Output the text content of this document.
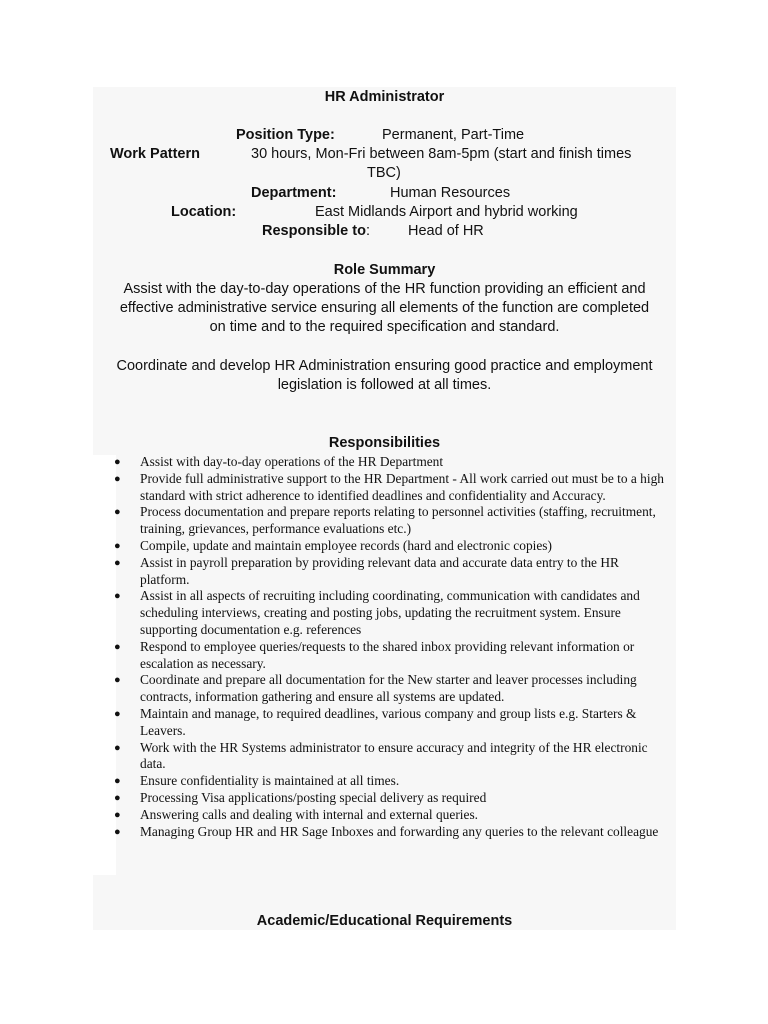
HR Administrator
Position Type:	Permanent, Part-Time
Work Pattern	30 hours, Mon-Fri between 8am-5pm (start and finish times
TBC)
Department:	Human Resources
Location:	East Midlands Airport and hybrid working
Responsible to:	Head of HR
Role Summary
Assist with the day-to-day operations of the HR function providing an efficient and
effective administrative service ensuring all elements of the function are completed
on time and to the required specification and standard.
Coordinate and develop HR Administration ensuring good practice and employment
legislation is followed at all times.
Responsibilities
● Assist with day-to-day operations of the HR Department
● Provide full administrative support to the HR Department - All work carried out must be to a high standard with strict adherence to identified deadlines and confidentiality and Accuracy.
● Process documentation and prepare reports relating to personnel activities (staffing, recruitment, training, grievances, performance evaluations etc.)
● Compile, update and maintain employee records (hard and electronic copies)
● Assist in payroll preparation by providing relevant data and accurate data entry to the HR platform.
● Assist in all aspects of recruiting including coordinating, communication with candidates and scheduling interviews, creating and posting jobs, updating the recruitment system. Ensure supporting documentation e.g. references
● Respond to employee queries/requests to the shared inbox providing relevant information or escalation as necessary.
● Coordinate and prepare all documentation for the New starter and leaver processes including contracts, information gathering and ensure all systems are updated.
● Maintain and manage, to required deadlines, various company and group lists e.g. Starters & Leavers.
● Work with the HR Systems administrator to ensure accuracy and integrity of the HR electronic data.
● Ensure confidentiality is maintained at all times.
● Processing Visa applications/posting special delivery as required
● Answering calls and dealing with internal and external queries.
● Managing Group HR and HR Sage Inboxes and forwarding any queries to the relevant colleague
Academic/Educational Requirements
